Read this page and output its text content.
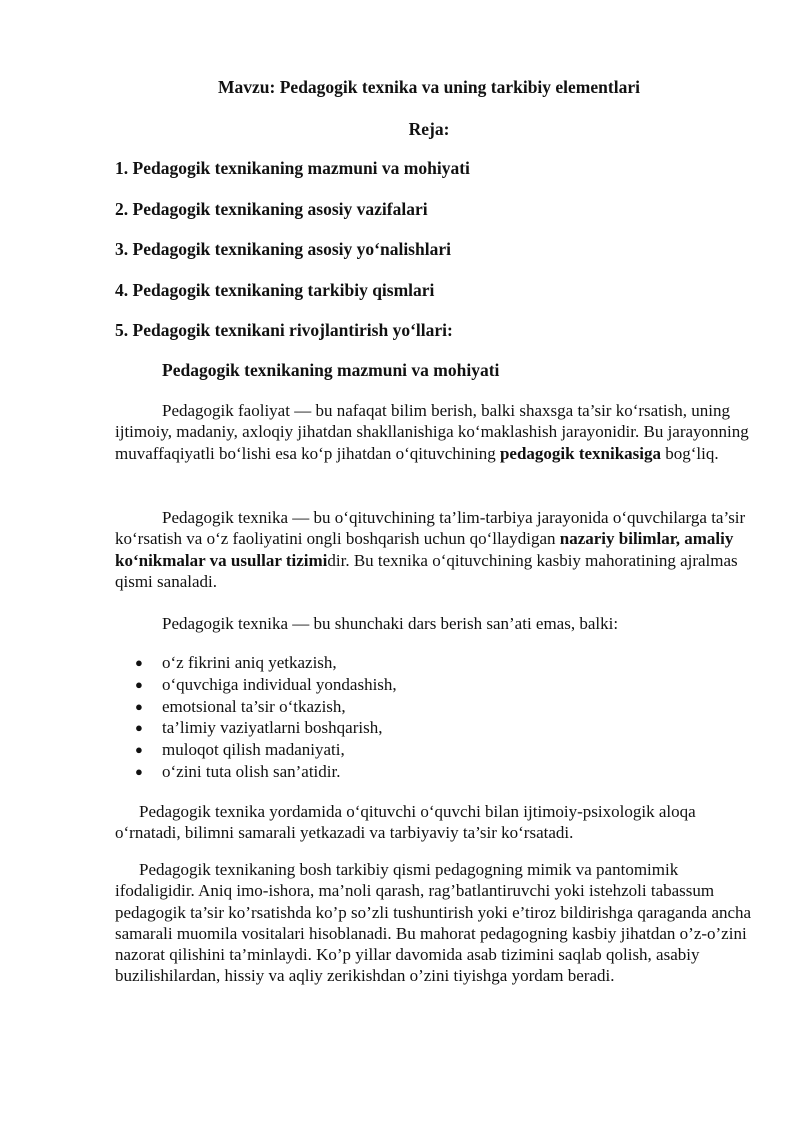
Mavzu: Pedagogik texnika va uning tarkibiy elementlari
Reja:
1. Pedagogik texnikaning mazmuni va mohiyati
2. Pedagogik texnikaning asosiy vazifalari
3. Pedagogik texnikaning asosiy yo‘nalishlari
4. Pedagogik texnikaning tarkibiy qismlari
5. Pedagogik texnikani rivojlantirish yo‘llari:
Pedagogik texnikaning mazmuni va mohiyati

Pedagogik faoliyat — bu nafaqat bilim berish, balki shaxsga ta’sir ko‘rsatish, uning ijtimoiy, madaniy, axloqiy jihatdan shakllanishiga ko‘maklashish jarayonidir. Bu jarayonning muvaffaqiyatli bo‘lishi esa ko‘p jihatdan o‘qituvchining pedagogik texnikasiga bog‘liq.

Pedagogik texnika — bu o‘qituvchining ta’lim-tarbiya jarayonida o‘quvchilarga ta’sir ko‘rsatish va o‘z faoliyatini ongli boshqarish uchun qo‘llaydigan nazariy bilimlar, amaliy ko‘nikmalar va usullar tizimidir. Bu texnika o‘qituvchining kasbiy mahoratining ajralmas qismi sanaladi.

Pedagogik texnika — bu shunchaki dars berish san’ati emas, balki:

● o‘z fikrini aniq yetkazish,
● o‘quvchiga individual yondashish,
● emotsional ta’sir o‘tkazish,
● ta’limiy vaziyatlarni boshqarish,
● muloqot qilish madaniyati,
● o‘zini tuta olish san’atidir.

Pedagogik texnika yordamida o‘qituvchi o‘quvchi bilan ijtimoiy-psixologik aloqa o‘rnatadi, bilimni samarali yetkazadi va tarbiyaviy ta’sir ko‘rsatadi.

Pedagogik texnikaning bosh tarkibiy qismi pedagogning mimik va pantomimik ifodaligidir. Aniq imo-ishora, ma’noli qarash, rag’batlantiruvchi yoki istehzoli tabassum pedagogik ta’sir ko’rsatishda ko’p so’zli tushuntirish yoki e’tiroz bildirishga qaraganda ancha samarali muomila vositalari hisoblanadi. Bu mahorat pedagogning kasbiy jihatdan o’z-o’zini nazorat qilishini ta’minlaydi. Ko’p yillar davomida asab tizimini saqlab qolish, asabiy buzilishilardan, hissiy va aqliy zerikishdan o’zini tiyishga yordam beradi.
